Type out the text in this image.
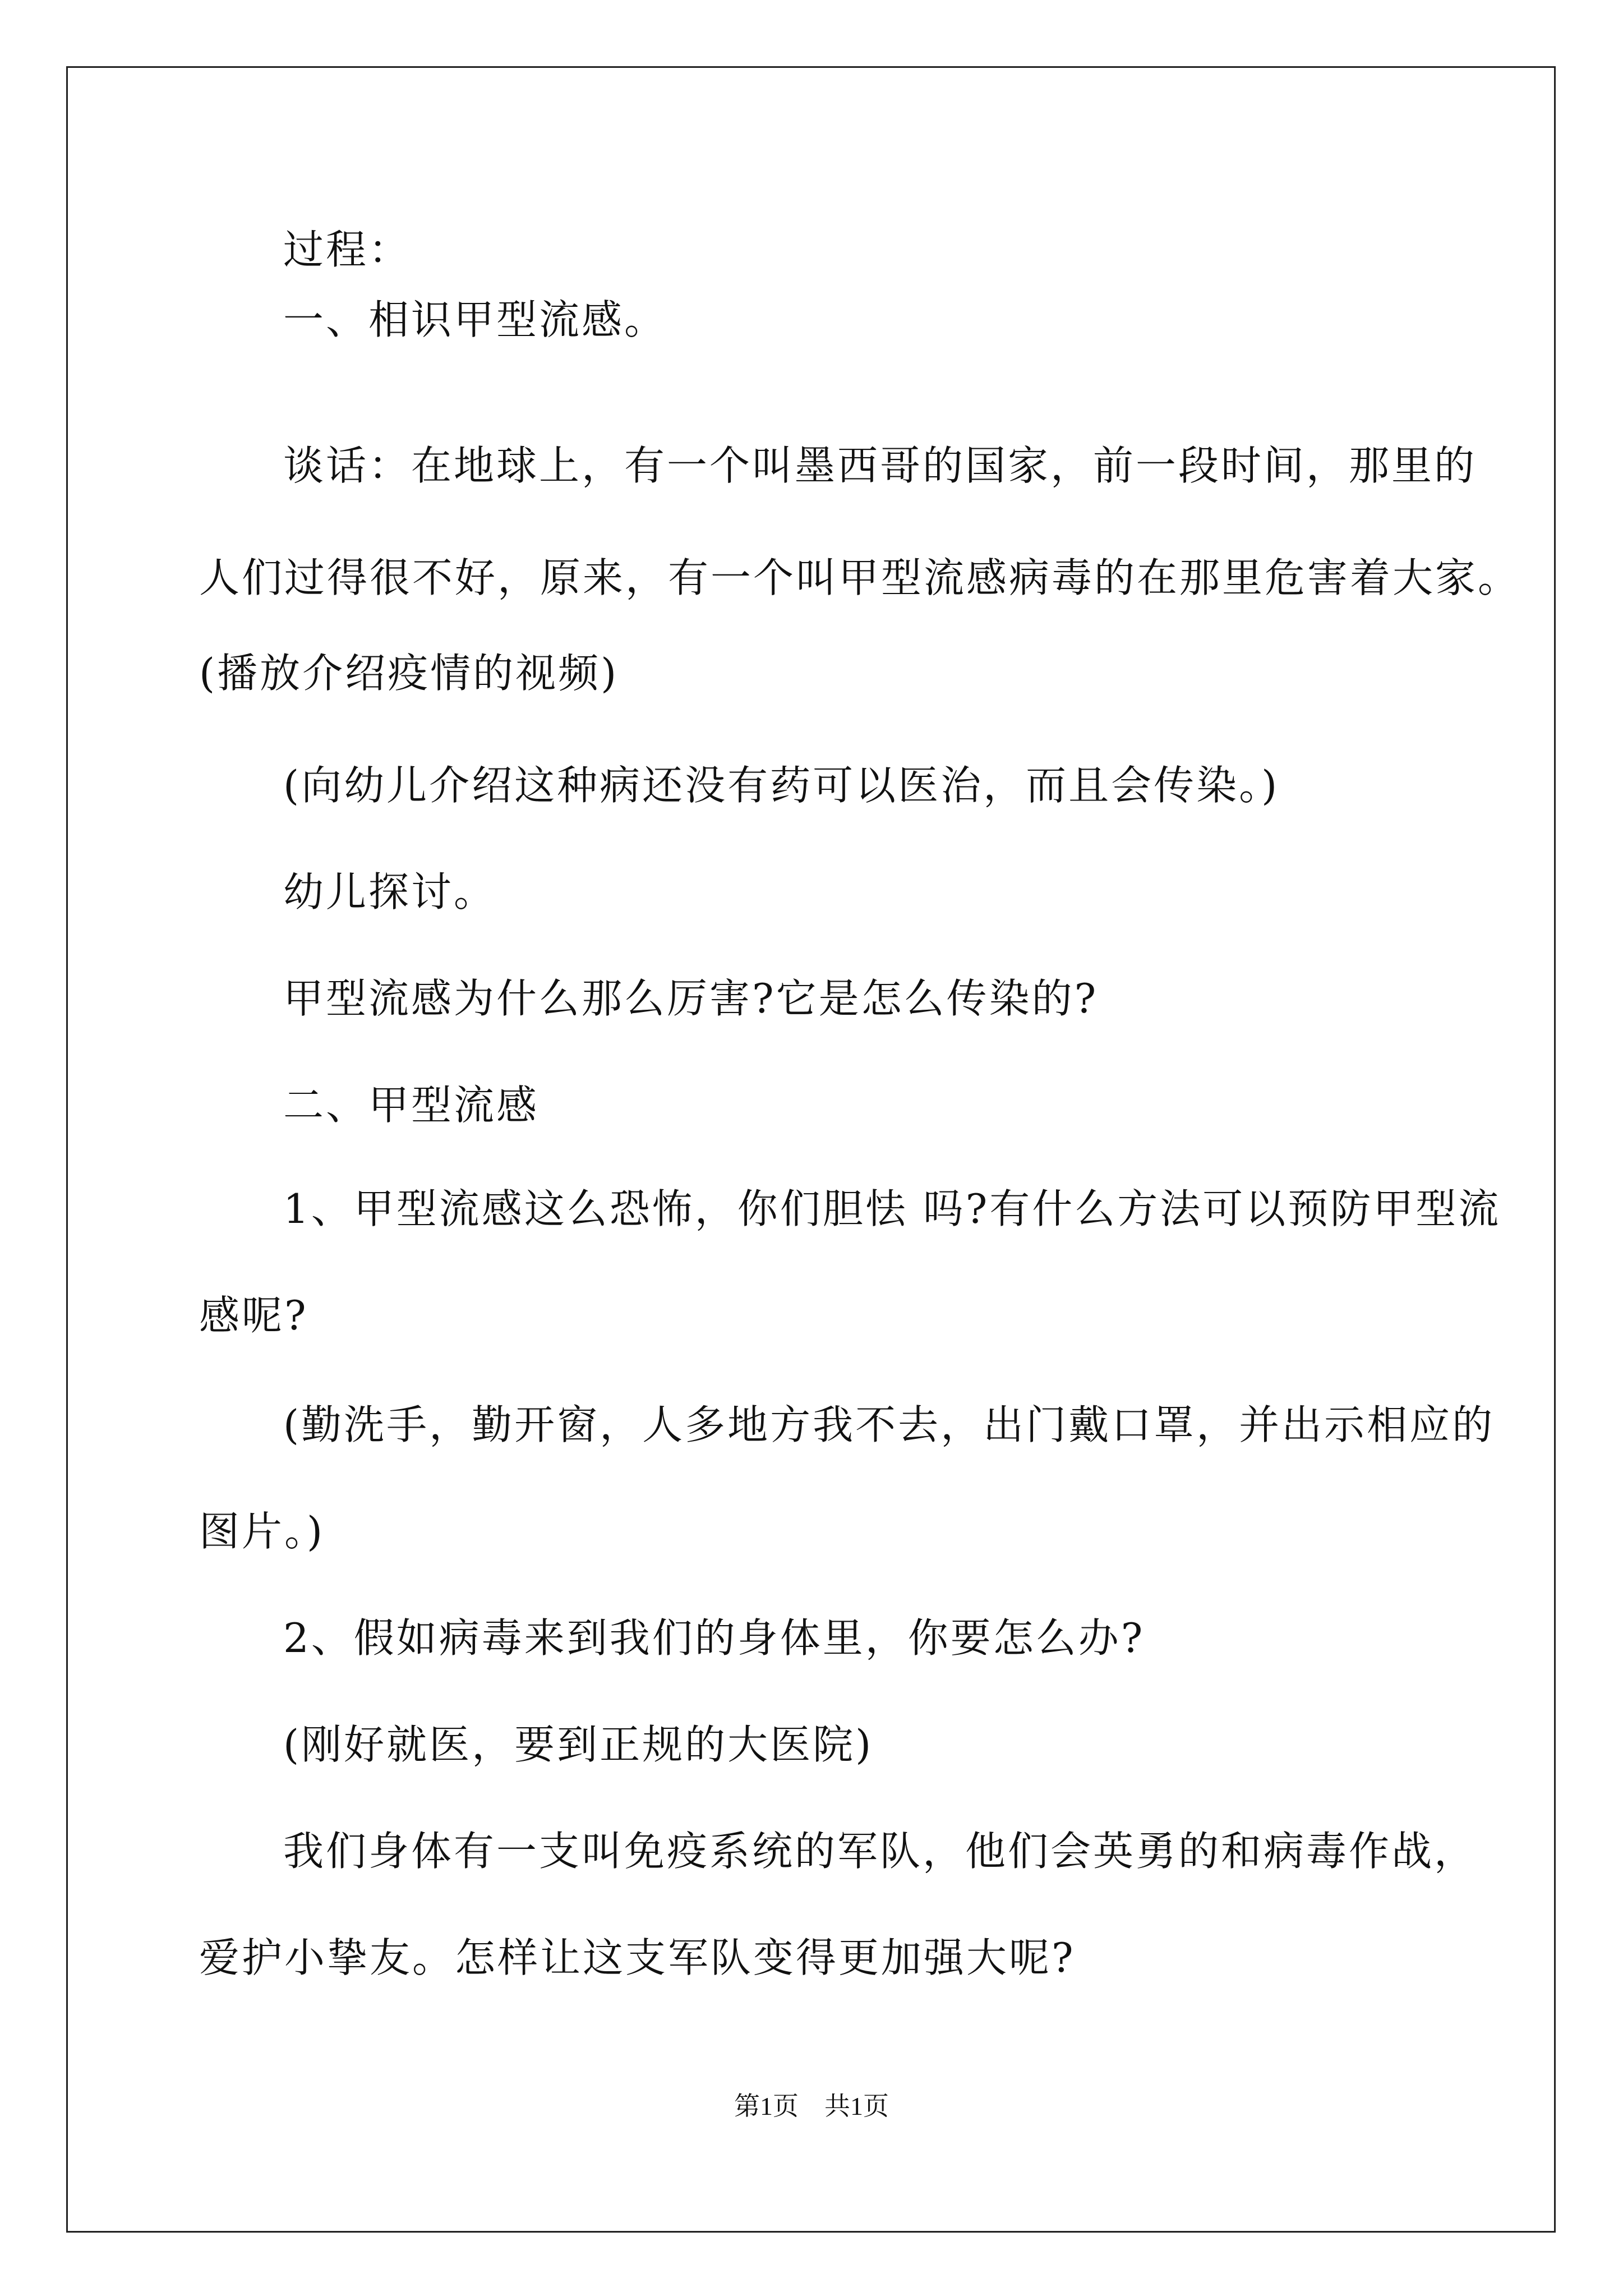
过程：
一、相识甲型流感。
谈话：在地球上，有一个叫墨西哥的国家，前一段时间，那里的
人们过得很不好，原来，有一个叫甲型流感病毒的在那里危害着大家。
(播放介绍疫情的视频)
(向幼儿介绍这种病还没有药可以医治，而且会传染。)
幼儿探讨。
甲型流感为什么那么厉害?它是怎么传染的?
二、甲型流感
1、甲型流感这么恐怖，你们胆怯 吗?有什么方法可以预防甲型流
感呢?
(勤洗手，勤开窗，人多地方我不去，出门戴口罩，并出示相应的
图片。)
2、假如病毒来到我们的身体里，你要怎么办?
(刚好就医，要到正规的大医院)
我们身体有一支叫免疫系统的军队，他们会英勇的和病毒作战，
爱护小挚友。怎样让这支军队变得更加强大呢?
第1页　共1页
